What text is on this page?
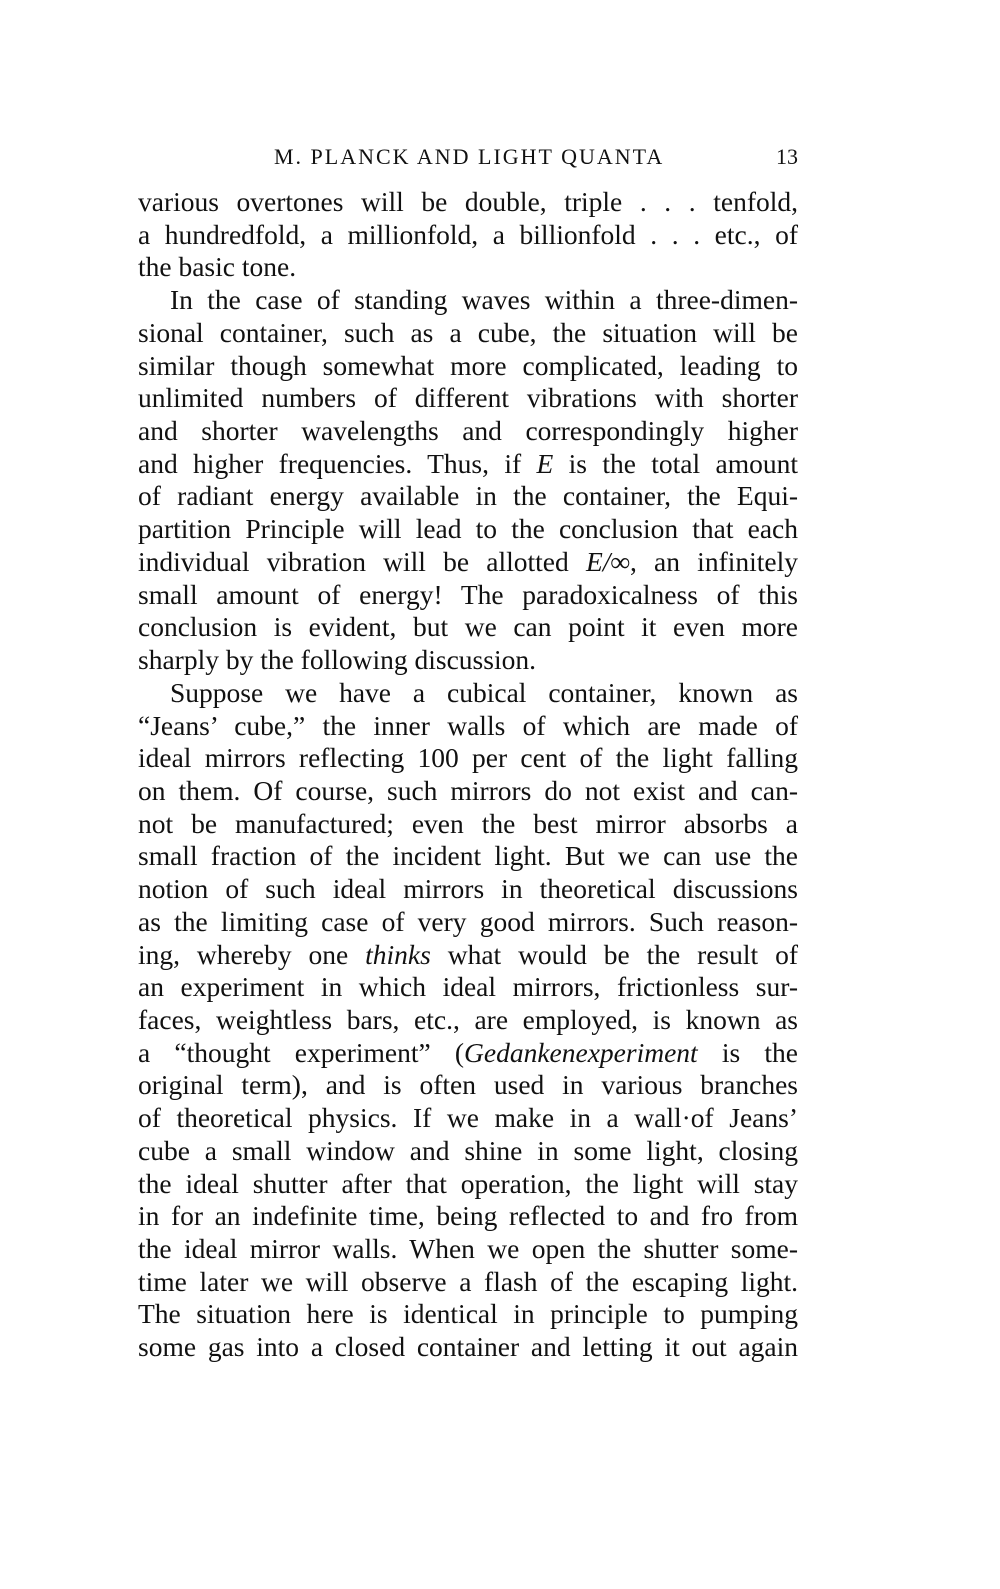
M. PLANCK AND LIGHT QUANTA	13
various overtones will be double, triple . . . tenfold,
a hundredfold, a millionfold, a billionfold . . . etc., of
the basic tone.
In the case of standing waves within a three-dimen-
sional container, such as a cube, the situation will be
similar though somewhat more complicated, leading to
unlimited numbers of different vibrations with shorter
and shorter wavelengths and correspondingly higher
and higher frequencies. Thus, if E is the total amount
of radiant energy available in the container, the Equi-
partition Principle will lead to the conclusion that each
individual vibration will be allotted E/∞, an infinitely
small amount of energy! The paradoxicalness of this
conclusion is evident, but we can point it even more
sharply by the following discussion.
Suppose we have a cubical container, known as
“Jeans’ cube,” the inner walls of which are made of
ideal mirrors reflecting 100 per cent of the light falling
on them. Of course, such mirrors do not exist and can-
not be manufactured; even the best mirror absorbs a
small fraction of the incident light. But we can use the
notion of such ideal mirrors in theoretical discussions
as the limiting case of very good mirrors. Such reason-
ing, whereby one thinks what would be the result of
an experiment in which ideal mirrors, frictionless sur-
faces, weightless bars, etc., are employed, is known as
a “thought experiment” (Gedankenexperiment is the
original term), and is often used in various branches
of theoretical physics. If we make in a wall·of Jeans’
cube a small window and shine in some light, closing
the ideal shutter after that operation, the light will stay
in for an indefinite time, being reflected to and fro from
the ideal mirror walls. When we open the shutter some-
time later we will observe a flash of the escaping light.
The situation here is identical in principle to pumping
some gas into a closed container and letting it out again
